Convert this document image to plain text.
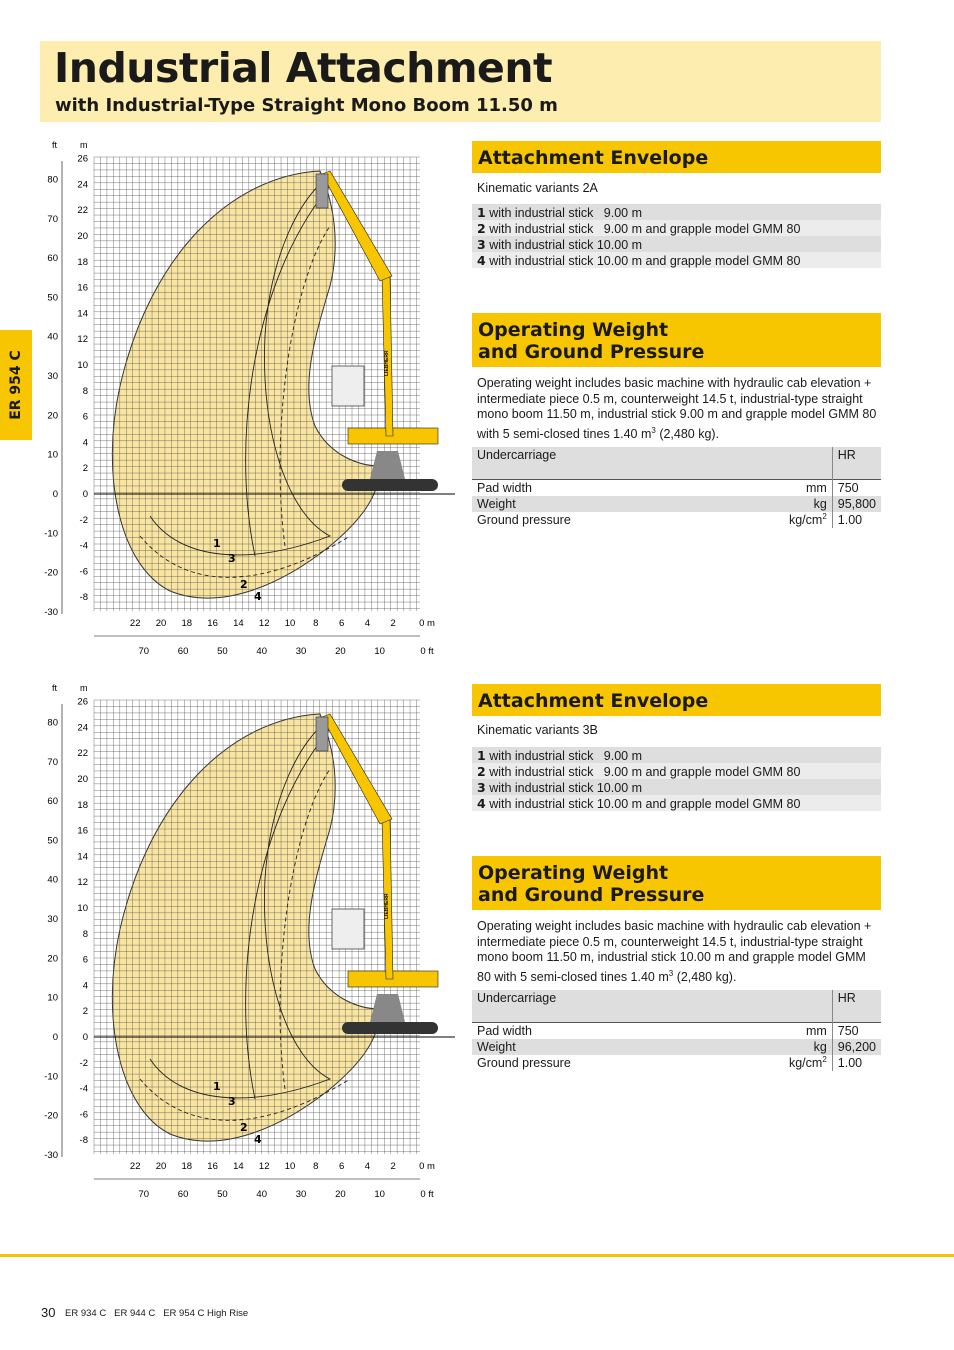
Industrial Attachment
with Industrial-Type Straight Mono Boom 11.50 m
ER 954 C
1
3
2
4
LIEBHERR
ft	m
26
24
22
20
18
16
14
12
10
8
6
4
2
0
-2
-4
-6
-8
80
70
60
50
40
30
20
10
0
-10
-20
-30
22 20 18 16 14 12 10 8 6 4 2 0 m
70	60	50	40	30	20	10	0 ft
1
3
2
4
LIEBHERR
ft	m
26
24
22
20
18
16
14
12
10
8
6
4
2
0
-2
-4
-6
-8
80
70
60
50
40
30
20
10
0
-10
-20
-30
22 20 18 16 14 12 10 8 6 4 2 0 m
70	60	50	40	30	20	10	0 ft
Attachment Envelope
Kinematic variants 2A
1 with industrial stick   9.00 m
2 with industrial stick   9.00 m and grapple model GMM 80
3 with industrial stick 10.00 m
4 with industrial stick 10.00 m and grapple model GMM 80
Operating Weight
and Ground Pressure

Operating weight includes basic machine with hydraulic cab elevation + intermediate piece 0.5 m, counterweight 14.5 t, industrial-type straight mono boom 11.50 m, industrial stick 9.00 m and grapple model GMM 80 with 5 semi-closed tines 1.40 $m^3$ (2,480 kg).

Undercarriage		HR
Pad width	mm	750
Weight	kg	95,800
Ground pressure	$kg/cm^2$	1.00
Attachment Envelope
Kinematic variants 3B
1 with industrial stick   9.00 m
2 with industrial stick   9.00 m and grapple model GMM 80
3 with industrial stick 10.00 m
4 with industrial stick 10.00 m and grapple model GMM 80
Operating Weight
and Ground Pressure

Operating weight includes basic machine with hydraulic cab elevation + intermediate piece 0.5 m, counterweight 14.5 t, industrial-type straight mono boom 11.50 m, industrial stick 10.00 m and grapple model GMM 80 with 5 semi-closed tines 1.40 $m^3$ (2,480 kg).

Undercarriage		HR
Pad width	mm	750
Weight	kg	96,200
Ground pressure	$kg/cm^2$	1.00
30 ER 934 C   ER 944 C   ER 954 C High Rise
